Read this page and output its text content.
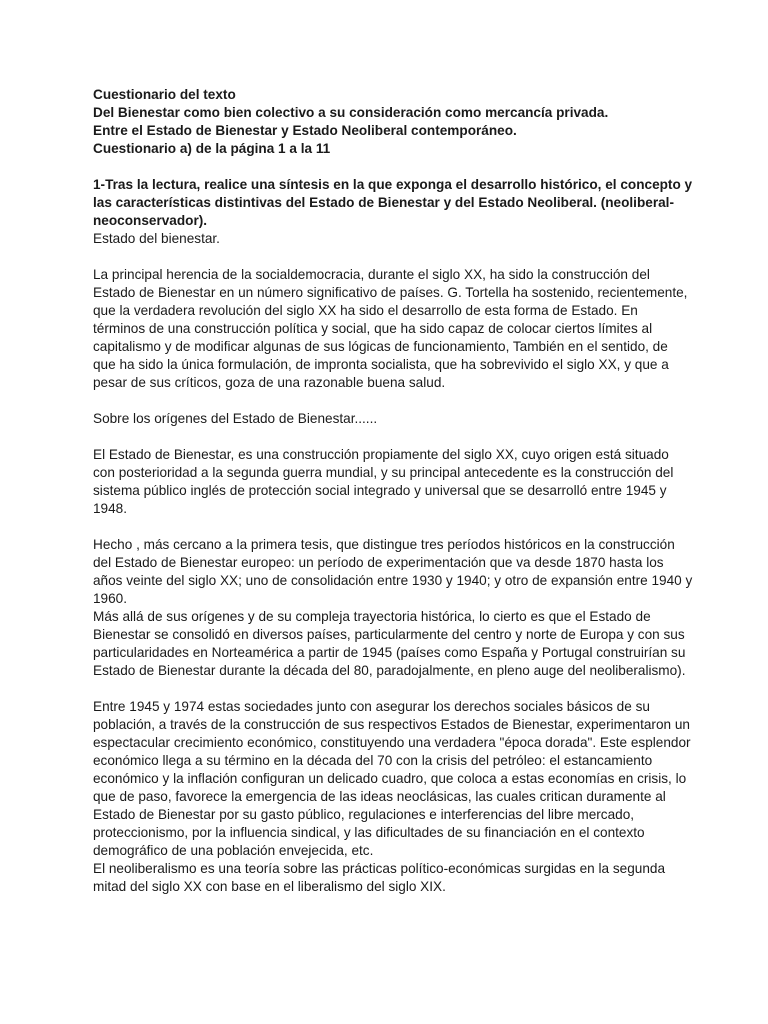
Cuestionario del texto
Del Bienestar como bien colectivo a su consideración como mercancía privada.
Entre el Estado de Bienestar y Estado Neoliberal contemporáneo.
Cuestionario a) de la página 1 a la 11

1-Tras la lectura, realice una síntesis en la que exponga el desarrollo histórico, el concepto y las características distintivas del Estado de Bienestar y del Estado Neoliberal. (neoliberal-neoconservador).

Estado del bienestar.

La principal herencia de la socialdemocracia, durante el siglo XX, ha sido la construcción del Estado de Bienestar en un número significativo de países. G. Tortella ha sostenido, recientemente, que la verdadera revolución del siglo XX ha sido el desarrollo de esta forma de Estado. En términos de una construcción política y social, que ha sido capaz de colocar ciertos límites al capitalismo y de modificar algunas de sus lógicas de funcionamiento, También en el sentido, de que ha sido la única formulación, de impronta socialista, que ha sobrevivido el siglo XX, y que a pesar de sus críticos, goza de una razonable buena salud.

Sobre los orígenes del Estado de Bienestar......

El Estado de Bienestar, es una construcción propiamente del siglo XX, cuyo origen está situado con posterioridad a la segunda guerra mundial, y su principal antecedente es la construcción del sistema público inglés de protección social integrado y universal que se desarrolló entre 1945 y 1948.

Hecho , más cercano a la primera tesis, que distingue tres períodos históricos en la construcción del Estado de Bienestar europeo: un período de experimentación que va desde 1870 hasta los años veinte del siglo XX; uno de consolidación entre 1930 y 1940; y otro de expansión entre 1940 y 1960.

Más allá de sus orígenes y de su compleja trayectoria histórica, lo cierto es que el Estado de Bienestar se consolidó en diversos países, particularmente del centro y norte de Europa y con sus particularidades en Norteamérica a partir de 1945 (países como España y Portugal construirían su Estado de Bienestar durante la década del 80, paradojalmente, en pleno auge del neoliberalismo).

Entre 1945 y 1974 estas sociedades junto con asegurar los derechos sociales básicos de su población, a través de la construcción de sus respectivos Estados de Bienestar, experimentaron un espectacular crecimiento económico, constituyendo una verdadera "época dorada". Este esplendor económico llega a su término en la década del 70 con la crisis del petróleo: el estancamiento económico y la inflación configuran un delicado cuadro, que coloca a estas economías en crisis, lo que de paso, favorece la emergencia de las ideas neoclásicas, las cuales critican duramente al Estado de Bienestar por su gasto público, regulaciones e interferencias del libre mercado, proteccionismo, por la influencia sindical, y las dificultades de su financiación en el contexto demográfico de una población envejecida, etc.

El neoliberalismo es una teoría sobre las prácticas político-económicas surgidas en la segunda mitad del siglo XX con base en el liberalismo del siglo XIX.
